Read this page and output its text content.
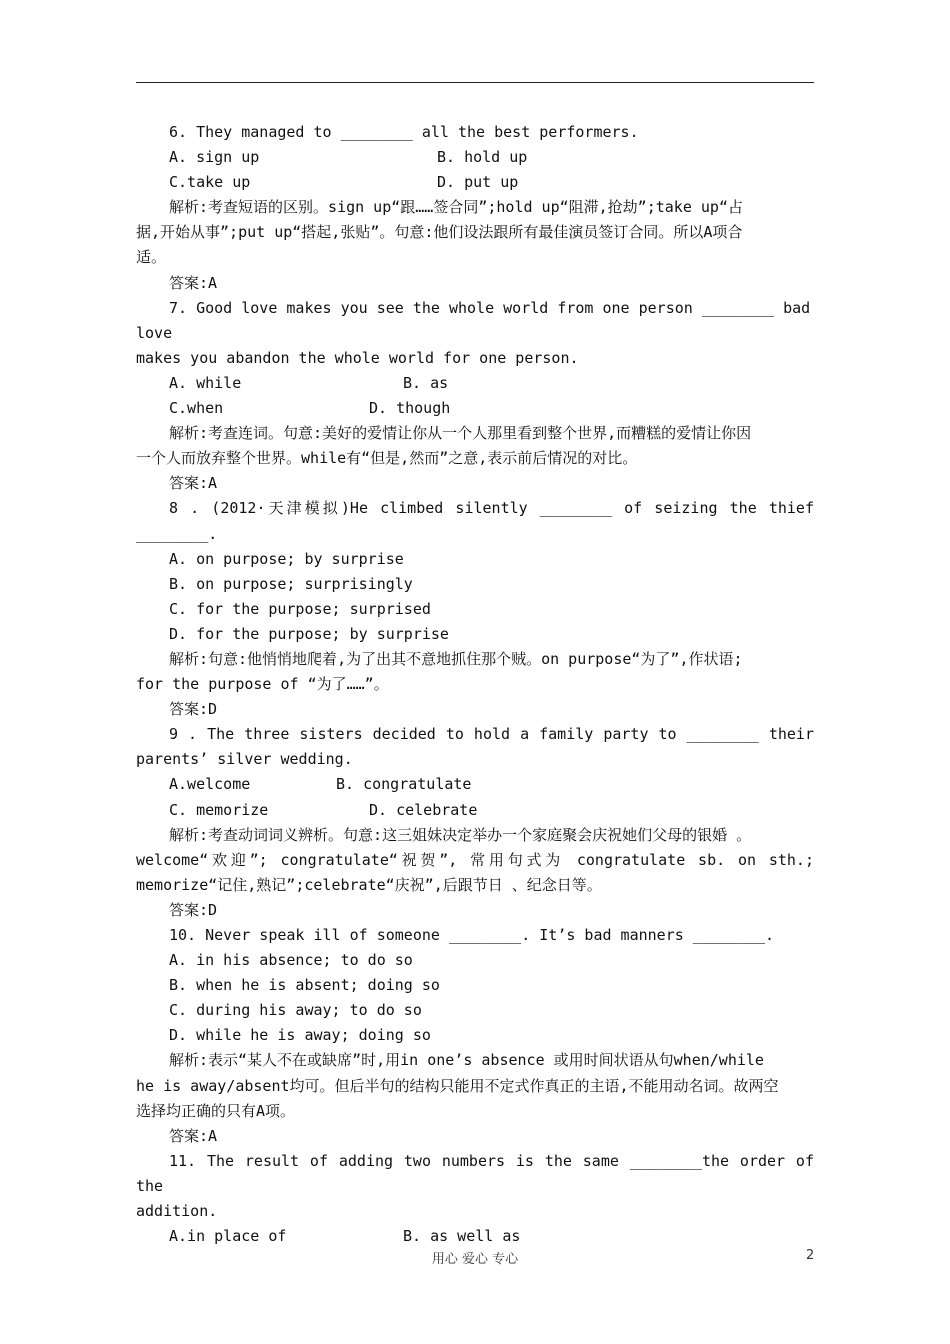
6. They managed to ________ all the best performers.

A. sign up	B. hold up

C.take up	D. put up

解析:考查短语的区别。sign up“跟……签合同”;hold up“阻滞,抢劫”;take up“占

据,开始从事”;put up“搭起,张贴”。句意:他们设法跟所有最佳演员签订合同。所以A项合

适。

答案:A

7. Good love makes you see the whole world from one person ________ bad love

makes you abandon the whole world for one person.

A. while	B. as

C.when	D. though

解析:考查连词。句意:美好的爱情让你从一个人那里看到整个世界,而糟糕的爱情让你因

一个人而放弃整个世界。while有“但是,然而”之意,表示前后情况的对比。

答案:A

8 . (2012·天津模拟)He climbed silently ________ of seizing the thief

________.

A. on purpose; by surprise

B. on purpose; surprisingly

C. for the purpose; surprised

D. for the purpose; by surprise

解析:句意:他悄悄地爬着,为了出其不意地抓住那个贼。on purpose“为了”,作状语;

for the purpose of “为了……”。

答案:D

9 . The three sisters decided to hold a family party to ________ their

parents’ silver wedding.

A.welcome	B. congratulate

C. memorize	D. celebrate

解析:考查动词词义辨析。句意:这三姐妹决定举办一个家庭聚会庆祝她们父母的银婚 。

welcome“欢迎”; congratulate“祝贺”, 常用句式为 congratulate sb. on sth.;

memorize“记住,熟记”;celebrate“庆祝”,后跟节日 、纪念日等。

答案:D

10. Never speak ill of someone ________. It’s bad manners ________.

A. in his absence; to do so

B. when he is absent; doing so

C. during his away; to do so

D. while he is away; doing so

解析:表示“某人不在或缺席”时,用in one’s absence 或用时间状语从句when/while

he is away/absent均可。但后半句的结构只能用不定式作真正的主语,不能用动名词。故两空

选择均正确的只有A项。

答案:A

11. The result of adding two numbers is the same ________the order of the

addition.

A.in place of	B. as well as

用心 爱心 专心	2
